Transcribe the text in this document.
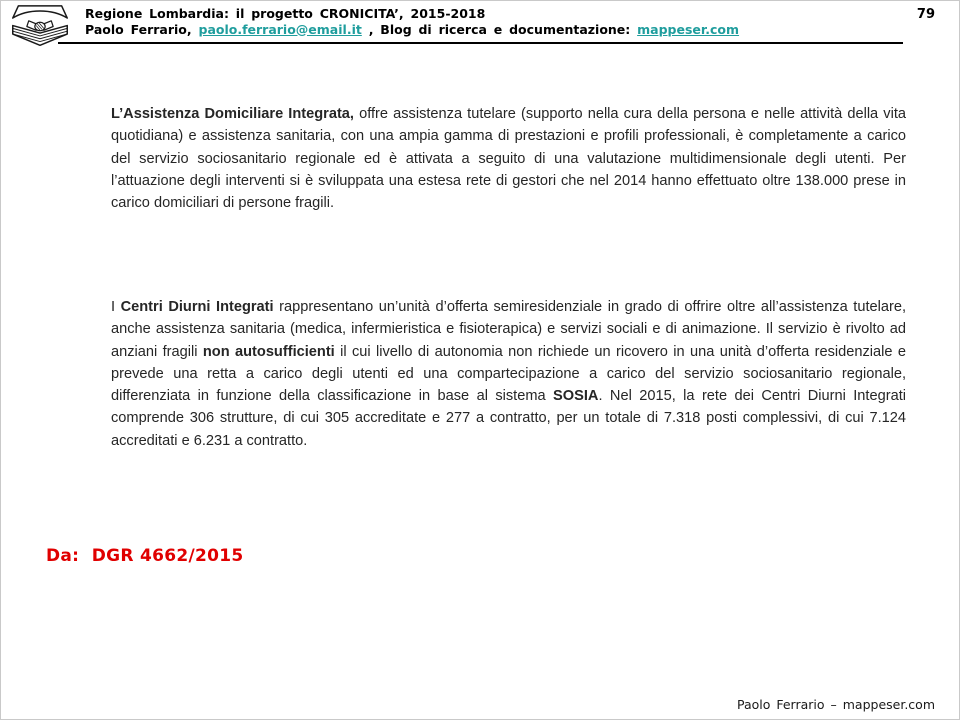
Regione Lombardia: il progetto CRONICITA’, 2015-2018
Paolo Ferrario, paolo.ferrario@email.it , Blog di ricerca e documentazione: mappeser.com
79

L’Assistenza Domiciliare Integrata, offre assistenza tutelare (supporto nella cura della persona e nelle attività della vita quotidiana) e assistenza sanitaria, con una ampia gamma di prestazioni e profili professionali, è completamente a carico del servizio sociosanitario regionale ed è attivata a seguito di una valutazione multidimensionale degli utenti. Per l’attuazione degli interventi si è sviluppata una estesa rete di gestori che nel 2014 hanno effettuato oltre 138.000 prese in carico domiciliari di persone fragili.

I Centri Diurni Integrati rappresentano un’unità d’offerta semiresidenziale in grado di offrire oltre all’assistenza tutelare, anche assistenza sanitaria (medica, infermieristica e fisioterapica) e servizi sociali e di animazione. Il servizio è rivolto ad anziani fragili non autosufficienti il cui livello di autonomia non richiede un ricovero in una unità d’offerta residenziale e prevede una retta a carico degli utenti ed una compartecipazione a carico del servizio sociosanitario regionale, differenziata in funzione della classificazione in base al sistema SOSIA. Nel 2015, la rete dei Centri Diurni Integrati comprende 306 strutture, di cui 305 accreditate e 277 a contratto, per un totale di 7.318 posti complessivi, di cui 7.124 accreditati e 6.231 a contratto.

Da:  DGR 4662/2015
Paolo Ferrario – mappeser.com
